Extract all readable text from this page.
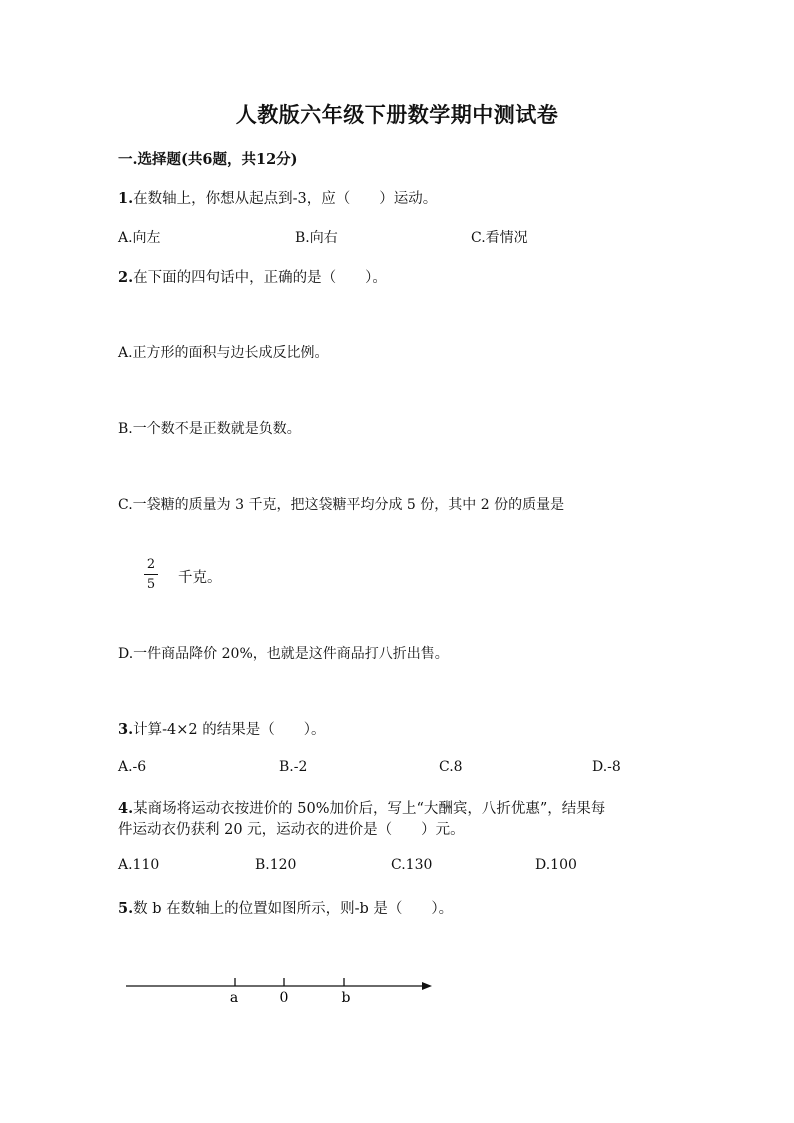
人教版六年级下册数学期中测试卷
一.选择题(共6题，共12分)
1.在数轴上，你想从起点到-3，应（　　）运动。
A.向左	B.向右	C.看情况
2.在下面的四句话中，正确的是（　　）。
A.正方形的面积与边长成反比例。
B.一个数不是正数就是负数。
C.一袋糖的质量为 3 千克，把这袋糖平均分成 5 份，其中 2 份的质量是
2
5 千克。
D.一件商品降价 20%，也就是这件商品打八折出售。
3.计算-4×2 的结果是（　　）。
A.-6	B.-2	C.8	D.-8
4.某商场将运动衣按进价的 50%加价后，写上“大酬宾，八折优惠”，结果每
件运动衣仍获利 20 元，运动衣的进价是（　　）元。
A.110	B.120	C.130	D.100
5.数 b 在数轴上的位置如图所示，则-b 是（　　）。
a	0	b
